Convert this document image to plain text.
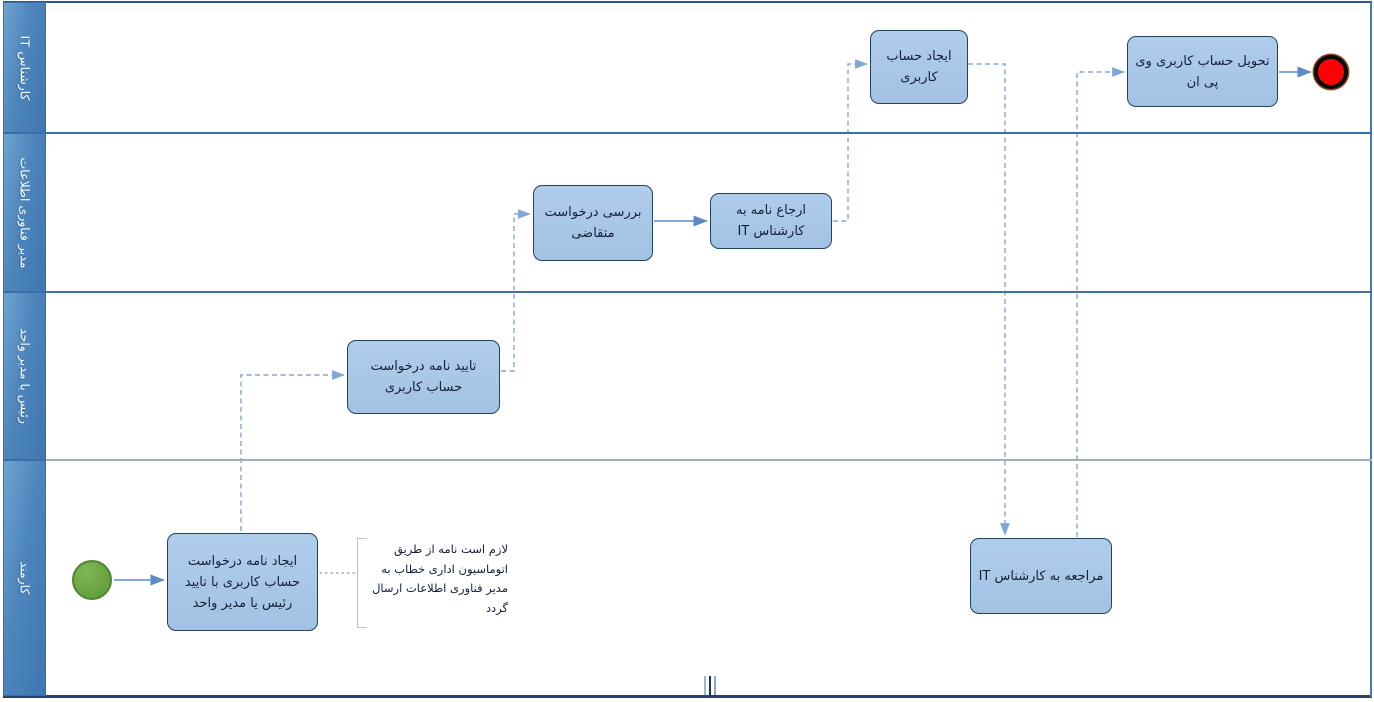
کارشناس IT
مدیر فناوری اطلاعات
رئیس یا مدیر واحد
کارمند
ایجاد حساب کاربری
تحویل حساب کاربری وی پی ان
بررسی درخواست متقاضی
ارجاع نامه به کارشناس IT
تایید نامه درخواست حساب کاربری
ایجاد نامه درخواست حساب کاربری با تایید رئیس یا مدیر واحد
مراجعه به کارشناس IT
لازم است نامه از طریق
اتوماسیون اداری خطاب به
مدیر فناوری اطلاعات ارسال
گردد
